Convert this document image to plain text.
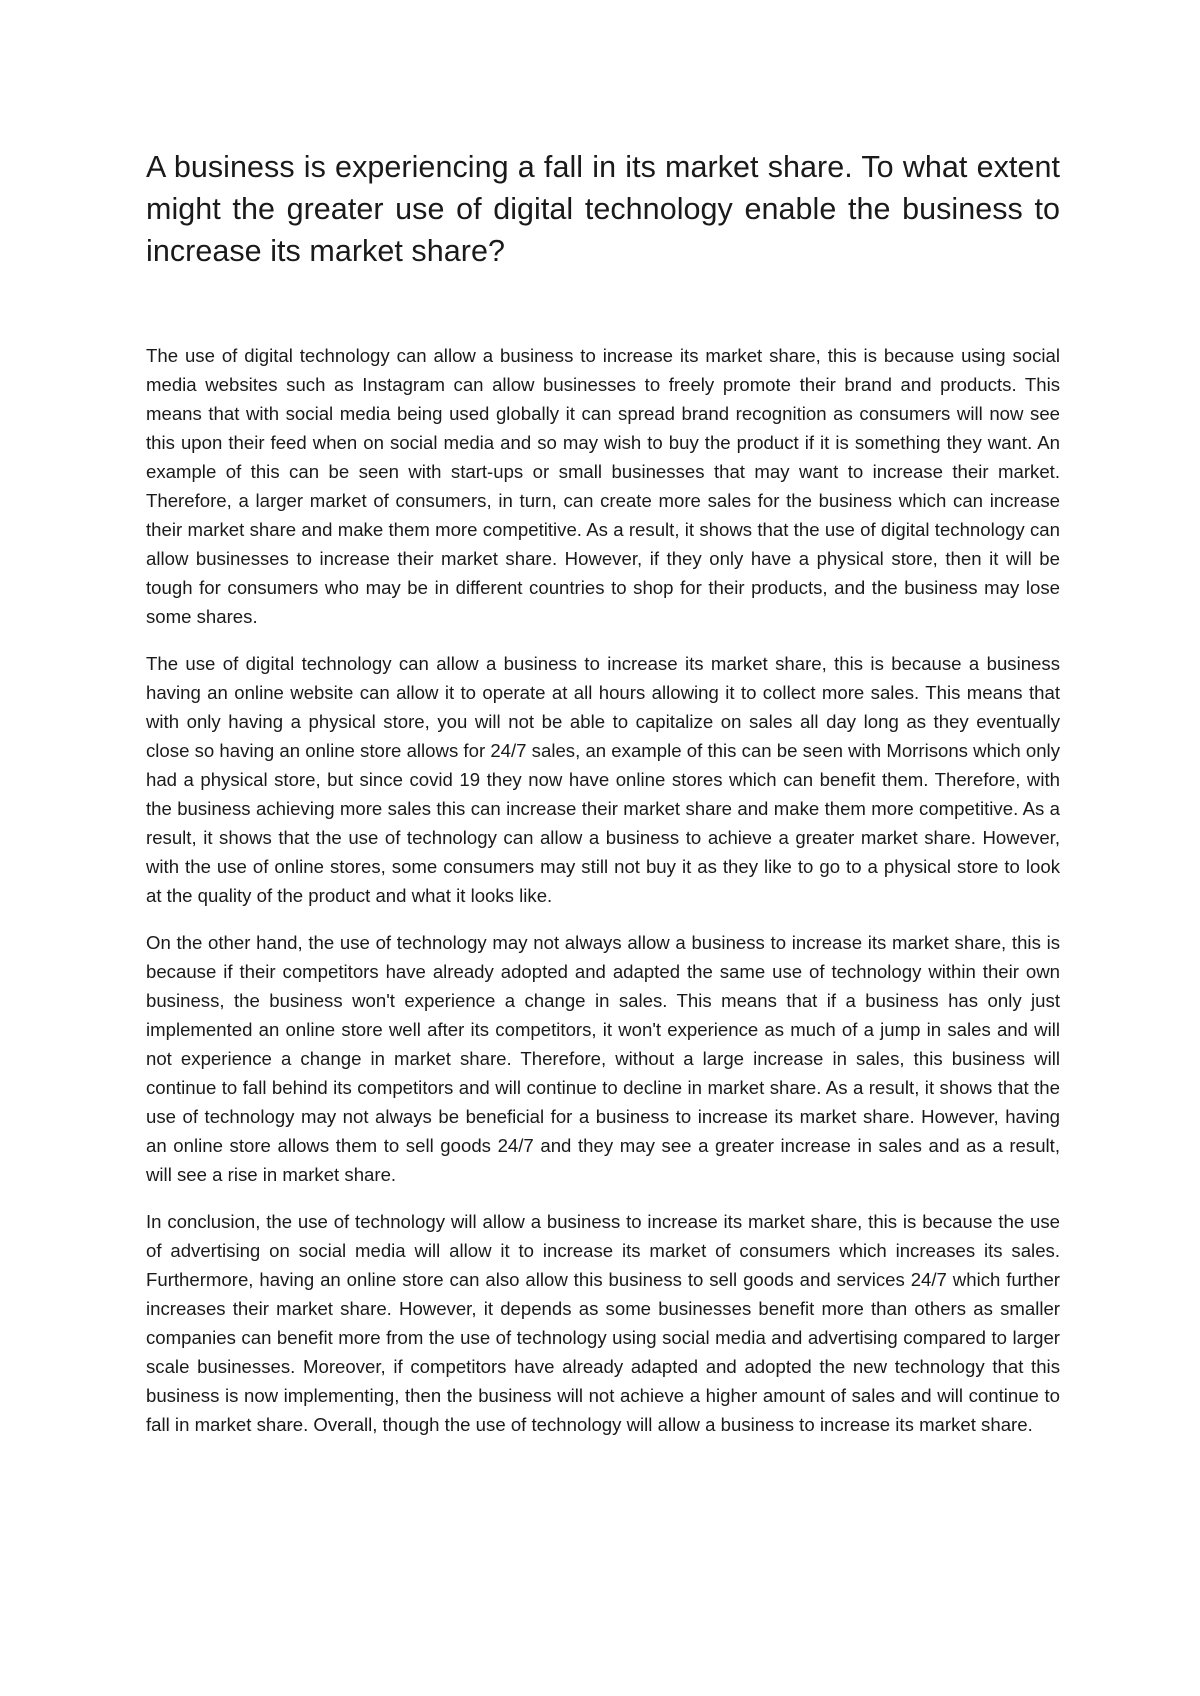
A business is experiencing a fall in its market share. To what extent might the greater use of digital technology enable the business to increase its market share?

The use of digital technology can allow a business to increase its market share, this is because using social media websites such as Instagram can allow businesses to freely promote their brand and products. This means that with social media being used globally it can spread brand recognition as consumers will now see this upon their feed when on social media and so may wish to buy the product if it is something they want. An example of this can be seen with start-ups or small businesses that may want to increase their market. Therefore, a larger market of consumers, in turn, can create more sales for the business which can increase their market share and make them more competitive. As a result, it shows that the use of digital technology can allow businesses to increase their market share. However, if they only have a physical store, then it will be tough for consumers who may be in different countries to shop for their products, and the business may lose some shares.

The use of digital technology can allow a business to increase its market share, this is because a business having an online website can allow it to operate at all hours allowing it to collect more sales. This means that with only having a physical store, you will not be able to capitalize on sales all day long as they eventually close so having an online store allows for 24/7 sales, an example of this can be seen with Morrisons which only had a physical store, but since covid 19 they now have online stores which can benefit them. Therefore, with the business achieving more sales this can increase their market share and make them more competitive. As a result, it shows that the use of technology can allow a business to achieve a greater market share. However, with the use of online stores, some consumers may still not buy it as they like to go to a physical store to look at the quality of the product and what it looks like.

On the other hand, the use of technology may not always allow a business to increase its market share, this is because if their competitors have already adopted and adapted the same use of technology within their own business, the business won't experience a change in sales. This means that if a business has only just implemented an online store well after its competitors, it won't experience as much of a jump in sales and will not experience a change in market share. Therefore, without a large increase in sales, this business will continue to fall behind its competitors and will continue to decline in market share. As a result, it shows that the use of technology may not always be beneficial for a business to increase its market share. However, having an online store allows them to sell goods 24/7 and they may see a greater increase in sales and as a result, will see a rise in market share.

In conclusion, the use of technology will allow a business to increase its market share, this is because the use of advertising on social media will allow it to increase its market of consumers which increases its sales. Furthermore, having an online store can also allow this business to sell goods and services 24/7 which further increases their market share. However, it depends as some businesses benefit more than others as smaller companies can benefit more from the use of technology using social media and advertising compared to larger scale businesses. Moreover, if competitors have already adapted and adopted the new technology that this business is now implementing, then the business will not achieve a higher amount of sales and will continue to fall in market share. Overall, though the use of technology will allow a business to increase its market share.
